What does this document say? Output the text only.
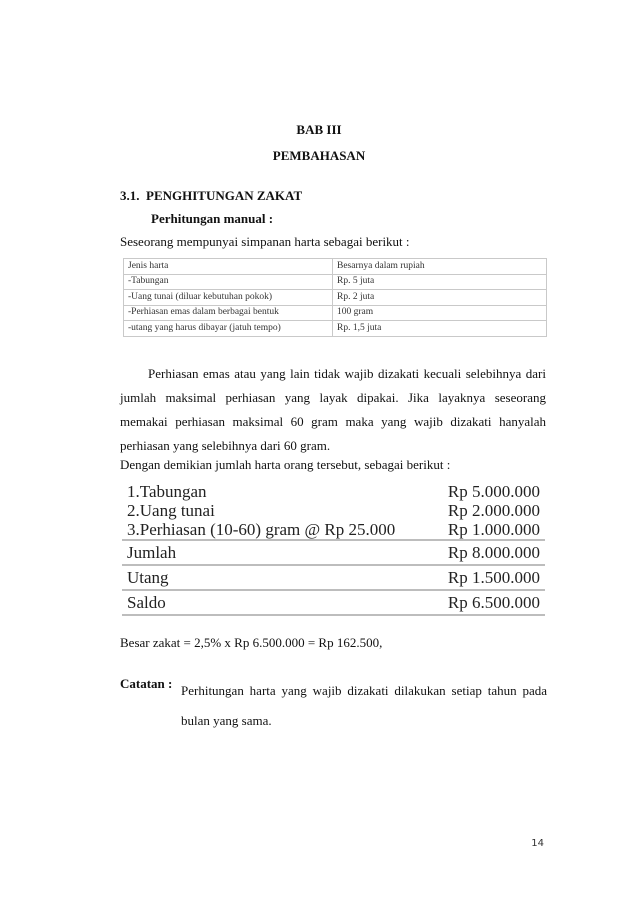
BAB III
PEMBAHASAN
3.1.  PENGHITUNGAN ZAKAT
Perhitungan manual :
Seseorang mempunyai simpanan harta sebagai berikut :
Jenis harta	Besarnya dalam rupiah
-Tabungan	Rp. 5 juta
-Uang tunai (diluar kebutuhan pokok)	Rp. 2 juta
-Perhiasan emas dalam berbagai bentuk	100 gram
-utang yang harus dibayar (jatuh tempo)	Rp. 1,5 juta
Perhiasan emas atau yang lain tidak wajib dizakati kecuali selebihnya dari jumlah maksimal perhiasan yang layak dipakai. Jika layaknya seseorang memakai perhiasan maksimal 60 gram maka yang wajib dizakati hanyalah perhiasan yang selebihnya dari 60 gram.
Dengan demikian jumlah harta orang tersebut, sebagai berikut :
1.Tabungan	Rp 5.000.000
2.Uang tunai	Rp 2.000.000
3.Perhiasan (10-60) gram @ Rp 25.000	Rp 1.000.000
Jumlah	Rp 8.000.000
Utang	Rp 1.500.000
Saldo	Rp 6.500.000
Besar zakat = 2,5% x Rp 6.500.000 = Rp 162.500,
Catatan : Perhitungan harta yang wajib dizakati dilakukan setiap tahun pada bulan yang sama.
14
